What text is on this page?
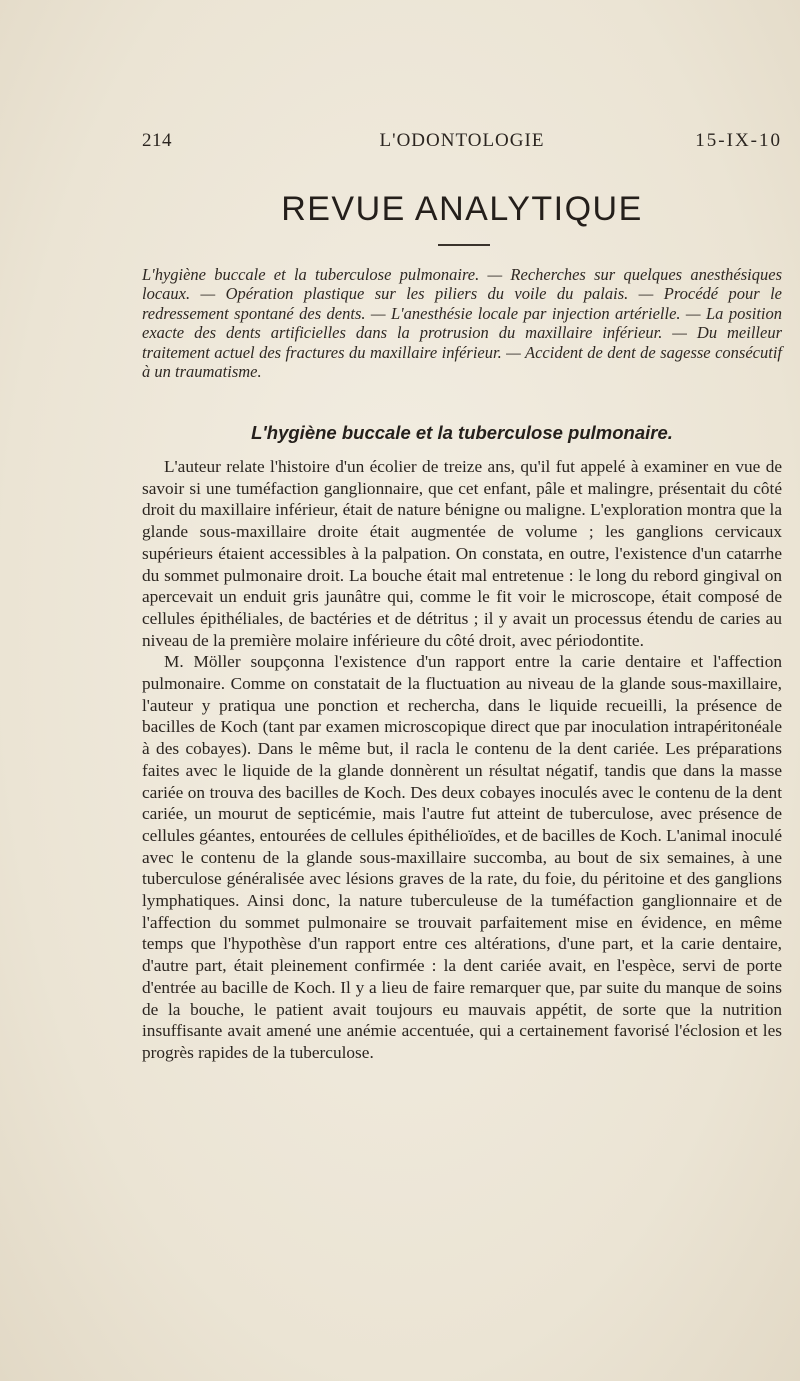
214	L'ODONTOLOGIE	15-IX-10
REVUE ANALYTIQUE
L'hygiène buccale et la tuberculose pulmonaire. — Recherches sur quelques anesthésiques locaux. — Opération plastique sur les piliers du voile du palais. — Procédé pour le redressement spontané des dents. — L'anesthésie locale par injection artérielle. — La position exacte des dents artificielles dans la protrusion du maxillaire inférieur. — Du meilleur traitement actuel des fractures du maxillaire inférieur. — Accident de dent de sagesse consécutif à un traumatisme.
L'hygiène buccale et la tuberculose pulmonaire.

L'auteur relate l'histoire d'un écolier de treize ans, qu'il fut appelé à examiner en vue de savoir si une tuméfaction ganglionnaire, que cet enfant, pâle et malingre, présentait du côté droit du maxillaire inférieur, était de nature bénigne ou maligne. L'exploration montra que la glande sous-maxillaire droite était augmentée de volume ; les ganglions cervicaux supérieurs étaient accessibles à la palpation. On constata, en outre, l'existence d'un catarrhe du sommet pulmonaire droit. La bouche était mal entretenue : le long du rebord gingival on apercevait un enduit gris jaunâtre qui, comme le fit voir le microscope, était composé de cellules épithéliales, de bactéries et de détritus ; il y avait un processus étendu de caries au niveau de la première molaire inférieure du côté droit, avec périodontite.

M. Möller soupçonna l'existence d'un rapport entre la carie dentaire et l'affection pulmonaire. Comme on constatait de la fluctuation au niveau de la glande sous-maxillaire, l'auteur y pratiqua une ponction et rechercha, dans le liquide recueilli, la présence de bacilles de Koch (tant par examen microscopique direct que par inoculation intrapéritonéale à des cobayes). Dans le même but, il racla le contenu de la dent cariée. Les préparations faites avec le liquide de la glande donnèrent un résultat négatif, tandis que dans la masse cariée on trouva des bacilles de Koch. Des deux cobayes inoculés avec le contenu de la dent cariée, un mourut de septicémie, mais l'autre fut atteint de tuberculose, avec présence de cellules géantes, entourées de cellules épithélioïdes, et de bacilles de Koch. L'animal inoculé avec le contenu de la glande sous-maxillaire succomba, au bout de six semaines, à une tuberculose généralisée avec lésions graves de la rate, du foie, du péritoine et des ganglions lymphatiques. Ainsi donc, la nature tuberculeuse de la tuméfaction ganglionnaire et de l'affection du sommet pulmonaire se trouvait parfaitement mise en évidence, en même temps que l'hypothèse d'un rapport entre ces altérations, d'une part, et la carie dentaire, d'autre part, était pleinement confirmée : la dent cariée avait, en l'espèce, servi de porte d'entrée au bacille de Koch. Il y a lieu de faire remarquer que, par suite du manque de soins de la bouche, le patient avait toujours eu mauvais appétit, de sorte que la nutrition insuffisante avait amené une anémie accentuée, qui a certainement favorisé l'éclosion et les progrès rapides de la tuberculose.
